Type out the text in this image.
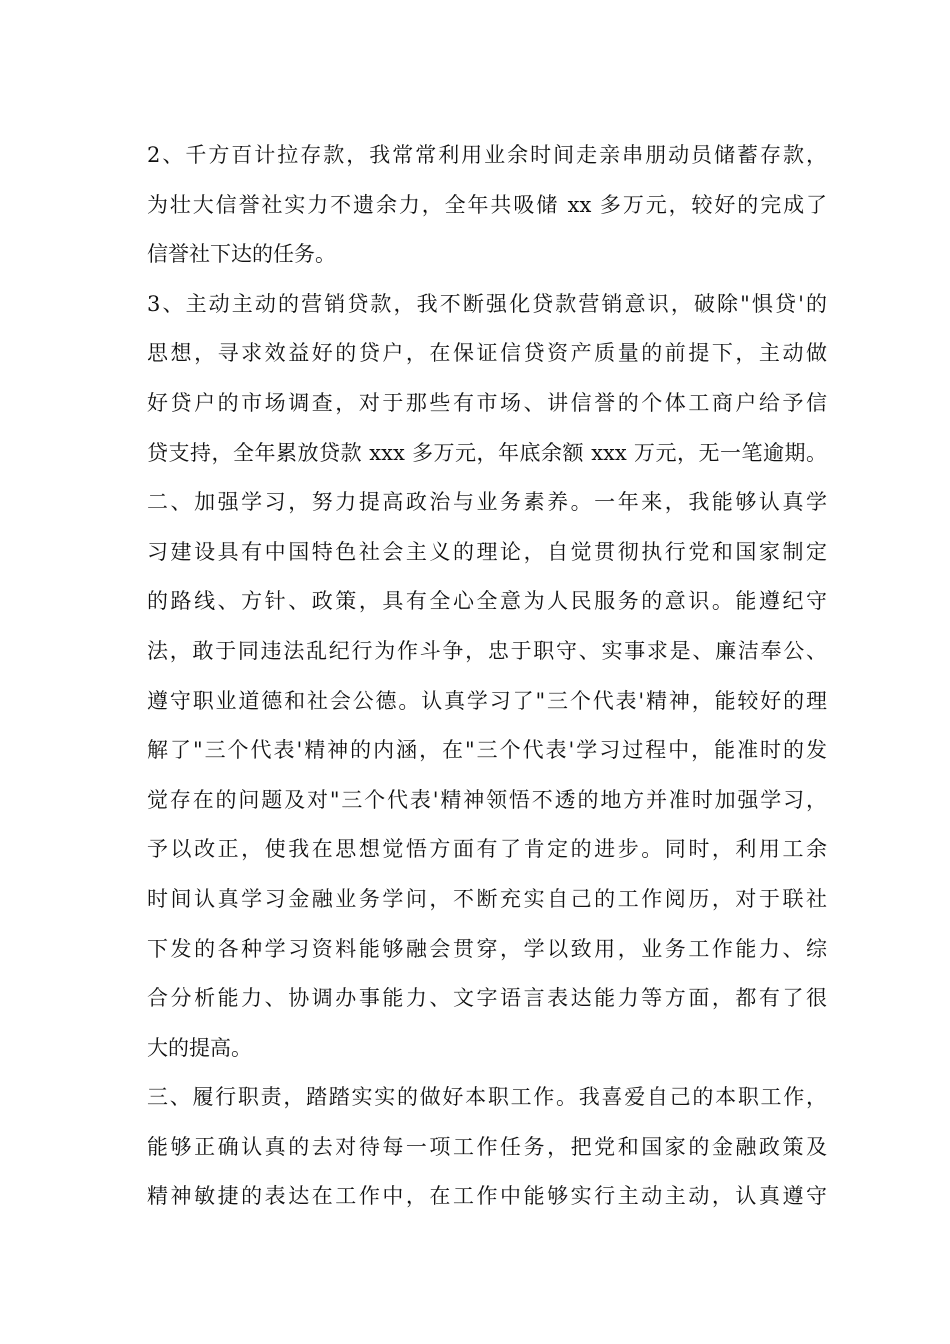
2、千方百计拉存款，我常常利用业余时间走亲串朋动员储蓄存款，
为壮大信誉社实力不遗余力，全年共吸储 xx 多万元，较好的完成了
信誉社下达的任务。
3、主动主动的营销贷款，我不断强化贷款营销意识，破除"惧贷'的
思想，寻求效益好的贷户，在保证信贷资产质量的前提下，主动做
好贷户的市场调查，对于那些有市场、讲信誉的个体工商户给予信
贷支持，全年累放贷款 xxx 多万元，年底余额 xxx 万元，无一笔逾期。
二、加强学习，努力提高政治与业务素养。一年来，我能够认真学
习建设具有中国特色社会主义的理论，自觉贯彻执行党和国家制定
的路线、方针、政策，具有全心全意为人民服务的意识。能遵纪守
法，敢于同违法乱纪行为作斗争，忠于职守、实事求是、廉洁奉公、
遵守职业道德和社会公德。认真学习了"三个代表'精神，能较好的理
解了"三个代表'精神的内涵，在"三个代表'学习过程中，能准时的发
觉存在的问题及对"三个代表'精神领悟不透的地方并准时加强学习，
予以改正，使我在思想觉悟方面有了肯定的进步。同时，利用工余
时间认真学习金融业务学问，不断充实自己的工作阅历，对于联社
下发的各种学习资料能够融会贯穿，学以致用，业务工作能力、综
合分析能力、协调办事能力、文字语言表达能力等方面，都有了很
大的提高。
三、履行职责，踏踏实实的做好本职工作。我喜爱自己的本职工作，
能够正确认真的去对待每一项工作任务，把党和国家的金融政策及
精神敏捷的表达在工作中，在工作中能够实行主动主动，认真遵守
